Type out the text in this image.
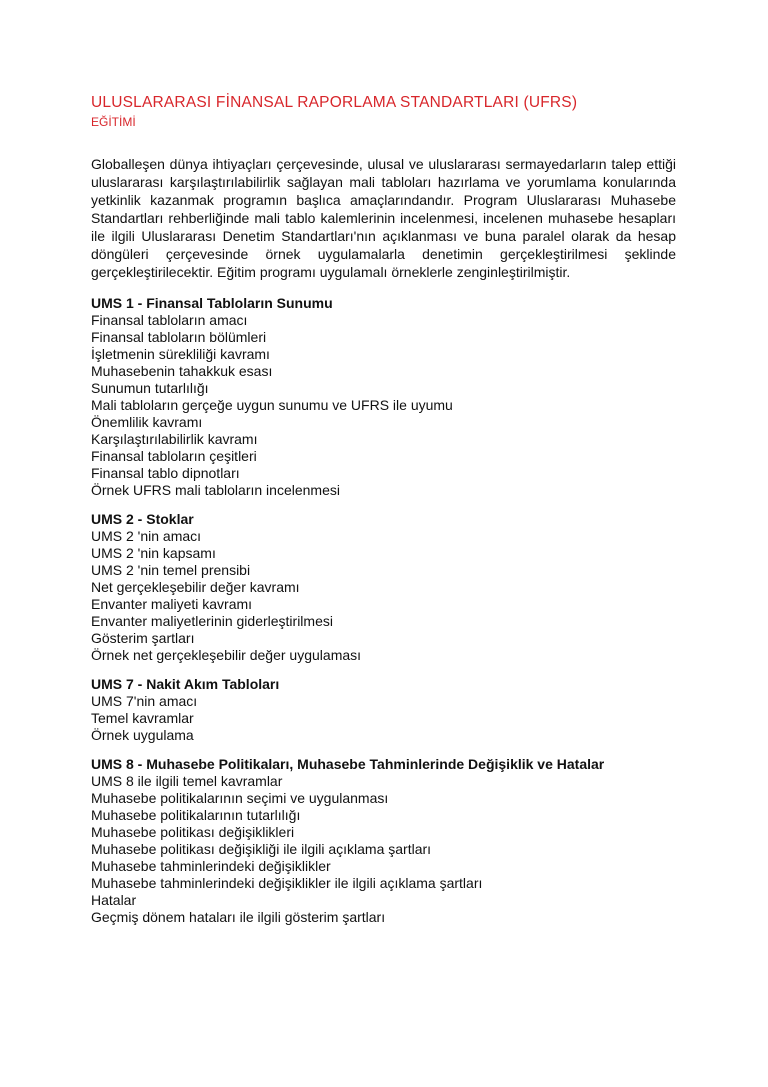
ULUSLARARASI FİNANSAL RAPORLAMA STANDARTLARI (UFRS)
EĞİTİMİ

Globalleşen dünya ihtiyaçları çerçevesinde, ulusal ve uluslararası sermayedarların talep ettiği uluslararası karşılaştırılabilirlik sağlayan mali tabloları hazırlama ve yorumlama konularında yetkinlik kazanmak programın başlıca amaçlarındandır. Program Uluslararası Muhasebe Standartları rehberliğinde mali tablo kalemlerinin incelenmesi, incelenen muhasebe hesapları ile ilgili Uluslararası Denetim Standartları'nın açıklanması ve buna paralel olarak da hesap döngüleri çerçevesinde örnek uygulamalarla denetimin gerçekleştirilmesi şeklinde gerçekleştirilecektir. Eğitim programı uygulamalı örneklerle zenginleştirilmiştir.

UMS 1 - Finansal Tabloların Sunumu
Finansal tabloların amacı
Finansal tabloların bölümleri
İşletmenin sürekliliği kavramı
Muhasebenin tahakkuk esası
Sunumun tutarlılığı
Mali tabloların gerçeğe uygun sunumu ve UFRS ile uyumu
Önemlilik kavramı
Karşılaştırılabilirlik kavramı
Finansal tabloların çeşitleri
Finansal tablo dipnotları
Örnek UFRS mali tabloların incelenmesi
UMS 2 - Stoklar
UMS 2 'nin amacı
UMS 2 'nin kapsamı
UMS 2 'nin temel prensibi
Net gerçekleşebilir değer kavramı
Envanter maliyeti kavramı
Envanter maliyetlerinin giderleştirilmesi
Gösterim şartları
Örnek net gerçekleşebilir değer uygulaması
UMS 7 - Nakit Akım Tabloları
UMS 7'nin amacı
Temel kavramlar
Örnek uygulama
UMS 8 - Muhasebe Politikaları, Muhasebe Tahminlerinde Değişiklik ve Hatalar
UMS 8 ile ilgili temel kavramlar
Muhasebe politikalarının seçimi ve uygulanması
Muhasebe politikalarının tutarlılığı
Muhasebe politikası değişiklikleri
Muhasebe politikası değişikliği ile ilgili açıklama şartları
Muhasebe tahminlerindeki değişiklikler
Muhasebe tahminlerindeki değişiklikler ile ilgili açıklama şartları
Hatalar
Geçmiş dönem hataları ile ilgili gösterim şartları
